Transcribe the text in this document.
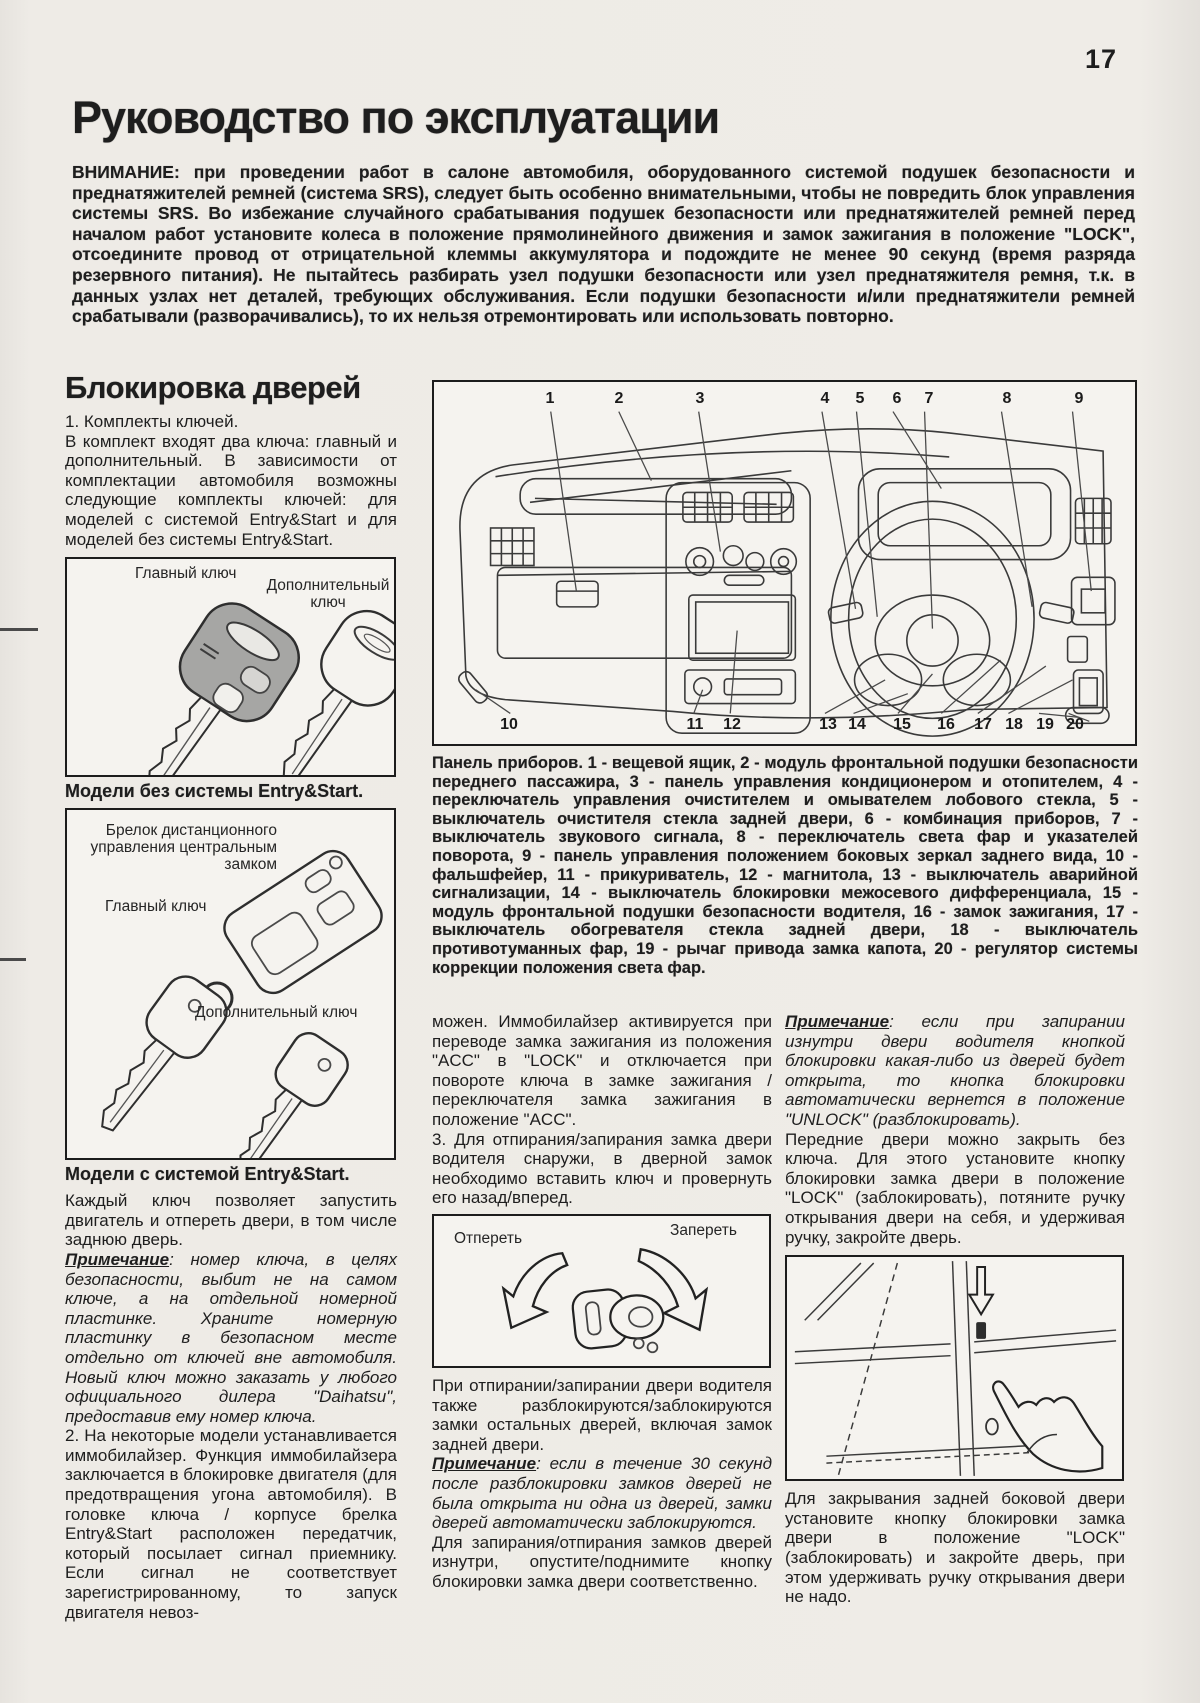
17
Руководство по эксплуатации

ВНИМАНИЕ: при проведении работ в салоне автомобиля, оборудованного системой подушек безопасности и преднатяжителей ремней (система SRS), следует быть особенно внимательными, чтобы не повредить блок управления системы SRS. Во избежание случайного срабатывания подушек безопасности или преднатяжителей ремней перед началом работ установите колеса в положение прямолинейного движения и замок зажигания в положение "LOCK", отсоедините провод от отрицательной клеммы аккумулятора и подождите не менее 90 секунд (время разряда резервного питания). Не пытайтесь разбирать узел подушки безопасности или узел преднатяжителя ремня, т.к. в данных узлах нет деталей, требующих обслуживания. Если подушки безопасности и/или преднатяжители ремней срабатывали (разворачивались), то их нельзя отремонтировать или использовать повторно.

Блокировка дверей

1. Комплекты ключей.

В комплект входят два ключа: главный и дополнительный. В зависимости от комплектации автомобиля возможны следующие комплекты ключей: для моделей с системой Entry&Start и для моделей без системы Entry&Start.

Главный ключ
Дополнительный ключ
Модели без системы Entry&Start.
Брелок дистанционного управления центральным замком
Главный ключ
Дополнительный ключ
Модели с системой Entry&Start.

Каждый ключ позволяет запустить двигатель и отпереть двери, в том числе заднюю дверь.

Примечание: номер ключа, в целях безопасности, выбит не на самом ключе, а на отдельной номерной пластинке. Храните номерную пластинку в безопасном месте отдельно от ключей вне автомобиля. Новый ключ можно заказать у любого официального дилера "Daihatsu", предоставив ему номер ключа.

2. На некоторые модели устанавливается иммобилайзер. Функция иммобилайзера заключается в блокировке двигателя (для предотвращения угона автомобиля). В головке ключа / корпусе брелка Entry&Start расположен передатчик, который посылает сигнал приемнику. Если сигнал не соответствует зарегистрированному, то запуск двигателя невоз-

1	2	3	4	5	6	7	8	9
10	11	12	13 14	15	16	17 18 19 20

Панель приборов. 1 - вещевой ящик, 2 - модуль фронтальной подушки безопасности переднего пассажира, 3 - панель управления кондиционером и отопителем, 4 - переключатель управления очистителем и омывателем лобового стекла, 5 - выключатель очистителя стекла задней двери, 6 - комбинация приборов, 7 - выключатель звукового сигнала, 8 - переключатель света фар и указателей поворота, 9 - панель управления положением боковых зеркал заднего вида, 10 - фальшфейер, 11 - прикуриватель, 12 - магнитола, 13 - выключатель аварийной сигнализации, 14 - выключатель блокировки межосевого дифференциала, 15 - модуль фронтальной подушки безопасности водителя, 16 - замок зажигания, 17 - выключатель обогревателя стекла задней двери, 18 - выключатель противотуманных фар, 19 - рычаг привода замка капота, 20 - регулятор системы коррекции положения света фар.

можен. Иммобилайзер активируется при переводе замка зажигания из положения "ACC" в "LOCK" и отключается при повороте ключа в замке зажигания / переключателя замка зажигания в положение "ACC".

3. Для отпирания/запирания замка двери водителя снаружи, в дверной замок необходимо вставить ключ и провернуть его назад/вперед.

Отпереть	Запереть

При отпирании/запирании двери водителя также разблокируются/заблокируются замки остальных дверей, включая замок задней двери.

Примечание: если в течение 30 секунд после разблокировки замков дверей не была открыта ни одна из дверей, замки дверей автоматически заблокируются.

Для запирания/отпирания замков дверей изнутри, опустите/поднимите кнопку блокировки замка двери соответственно.

Примечание: если при запирании изнутри двери водителя кнопкой блокировки какая-либо из дверей будет открыта, то кнопка блокировки автоматически вернется в положение "UNLOCK" (разблокировать).

Передние двери можно закрыть без ключа. Для этого установите кнопку блокировки замка двери в положение "LOCK" (заблокировать), потяните ручку открывания двери на себя, и удерживая ручку, закройте дверь.

Для закрывания задней боковой двери установите кнопку блокировки замка двери в положение "LOCK" (заблокировать) и закройте дверь, при этом удерживать ручку открывания двери не надо.
